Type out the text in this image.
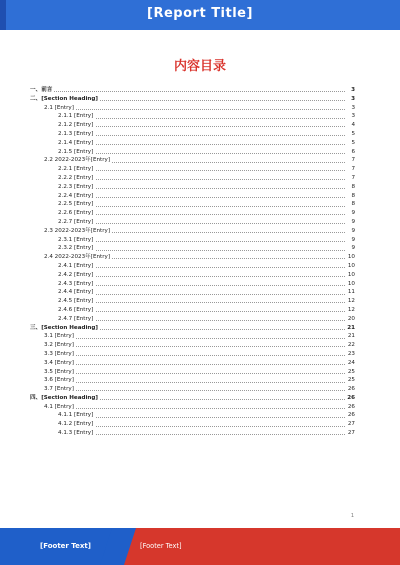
[Report Title]
内容目录
一、前言	3
二、[Section Heading]	3
2.1 [Entry]	3
2.1.1 [Entry]	3
2.1.2 [Entry]	4
2.1.3 [Entry]	5
2.1.4 [Entry]	5
2.1.5 [Entry]	6
2.2 2022-2023年[Entry]	7
2.2.1 [Entry]	7
2.2.2 [Entry]	7
2.2.3 [Entry]	8
2.2.4 [Entry]	8
2.2.5 [Entry]	8
2.2.6 [Entry]	9
2.2.7 [Entry]	9
2.3 2022-2023年[Entry]	9
2.3.1 [Entry]	9
2.3.2 [Entry]	9
2.4 2022-2023年[Entry]	10
2.4.1 [Entry]	10
2.4.2 [Entry]	10
2.4.3 [Entry]	10
2.4.4 [Entry]	11
2.4.5 [Entry]	12
2.4.6 [Entry]	12
2.4.7 [Entry]	20
三、[Section Heading]	21
3.1 [Entry]	21
3.2 [Entry]	22
3.3 [Entry]	23
3.4 [Entry]	24
3.5 [Entry]	25
3.6 [Entry]	25
3.7 [Entry]	26
四、[Section Heading]	26
4.1 [Entry]	26
4.1.1 [Entry]	26
4.1.2 [Entry]	27
4.1.3 [Entry]	27
1
[Footer Text]	[Footer Text]
